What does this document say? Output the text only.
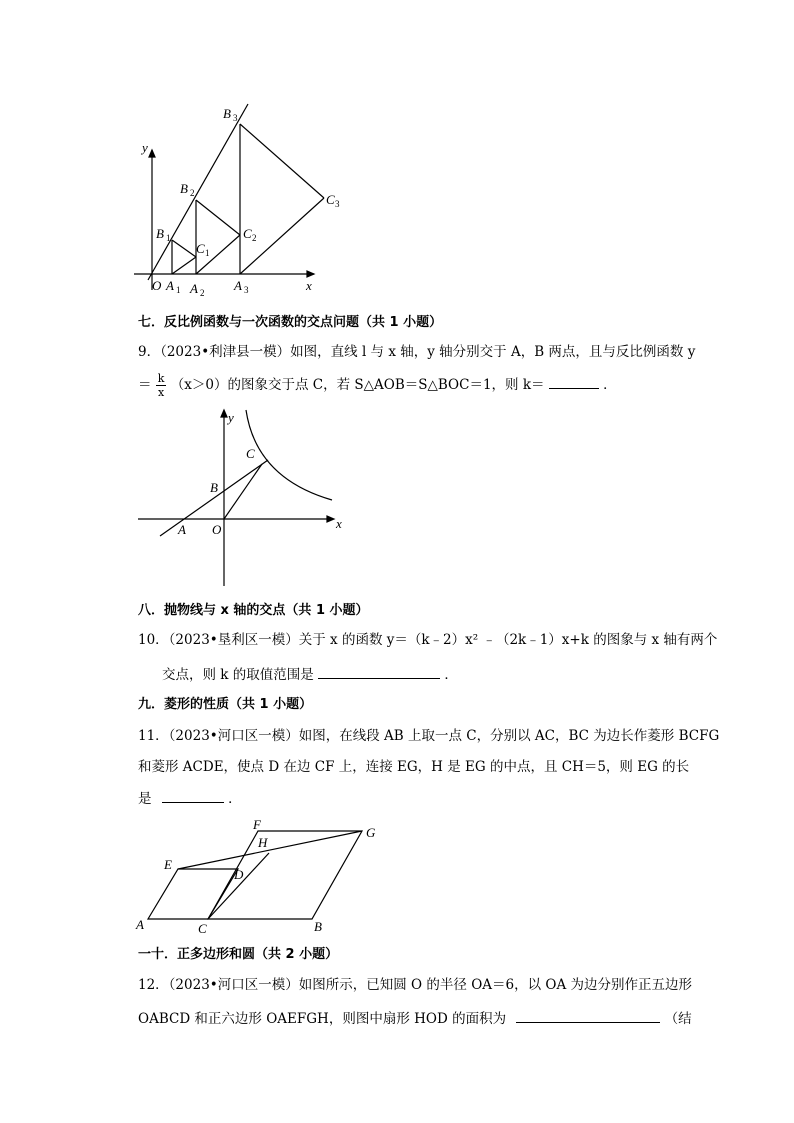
y
x
O A 1 A 2 A 3
B 1
B 2
B 3
C 1
C 2
C 3
七．反比例函数与一次函数的交点问题（共 1 小题）
9．（2023•利津县一模）如图，直线 l 与 x 轴，y 轴分别交于 A，B 两点，且与反比例函数 y
＝ $\frac{k}{x} (x>0)$的图象交于点 C，若 S△AOB＝S△BOC＝1，则 k＝	．
y
x
A
B
C
O
八．抛物线与 x 轴的交点（共 1 小题）
10．（2023•垦利区一模）关于 x 的函数 y＝（k﹣2）x² ﹣（2k﹣1）x+k 的图象与 x 轴有两个
交点，则 k 的取值范围是	．
九．菱形的性质（共 1 小题）
11．（2023•河口区一模）如图，在线段 AB 上取一点 C，分别以 AC，BC 为边长作菱形 BCFG
和菱形 ACDE，使点 D 在边 CF 上，连接 EG，H 是 EG 的中点，且 CH＝5，则 EG 的长
是	．
A	B
C
D
E
F
G
H
一十．正多边形和圆（共 2 小题）
12．（2023•河口区一模）如图所示，已知圆 O 的半径 OA＝6，以 OA 为边分别作正五边形
OABCD 和正六边形 OAEFGH，则图中扇形 HOD 的面积为	（结
